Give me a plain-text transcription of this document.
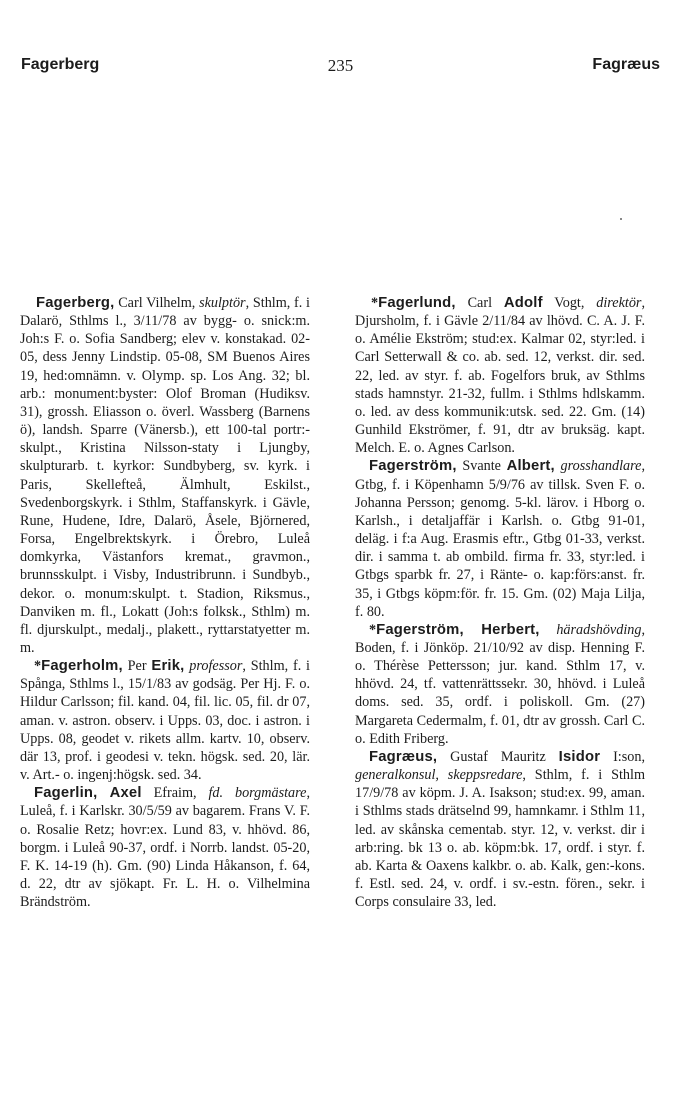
Fagerberg	235	Fagræus

Fagerberg, Carl Vilhelm, skulptör, Sthlm, f. i Dalarö, Sthlms l., 3/11/78 av bygg- o. snick:m. Joh:s F. o. Sofia Sandberg; elev v. konstakad. 02-05, dess Jenny Lindstip. 05-08, SM Buenos Aires 19, hed:omnämn. v. Olymp. sp. Los Ang. 32; bl. arb.: monument:byster: Olof Broman (Hudiksv. 31), grossh. Eliasson o. överl. Wassberg (Barnens ö), landsh. Sparre (Vänersb.), ett 100-tal portr:-skulpt., Kristina Nilsson-staty i Ljungby, skulpturarb. t. kyrkor: Sundbyberg, sv. kyrk. i Paris, Skellefteå, Älmhult, Eskilst., Svedenborgskyrk. i Sthlm, Staffanskyrk. i Gävle, Rune, Hudene, Idre, Dalarö, Åsele, Björnered, Forsa, Engelbrektskyrk. i Örebro, Luleå domkyrka, Västanfors kremat., gravmon., brunnsskulpt. i Visby, Industribrunn. i Sundbyb., dekor. o. monum:skulpt. t. Stadion, Riksmus., Danviken m. fl., Lokatt (Joh:s folksk., Sthlm) m. fl. djurskulpt., medalj., plakett., ryttarstatyetter m. m.

*Fagerholm, Per Erik, professor, Sthlm, f. i Spånga, Sthlms l., 15/1/83 av godsäg. Per Hj. F. o. Hildur Carlsson; fil. kand. 04, fil. lic. 05, fil. dr 07, aman. v. astron. observ. i Upps. 03, doc. i astron. i Upps. 08, geodet v. rikets allm. kartv. 10, observ. där 13, prof. i geodesi v. tekn. högsk. sed. 20, lär. v. Art.- o. ingenj:högsk. sed. 34.

Fagerlin, Axel Efraim, fd. borgmästare, Luleå, f. i Karlskr. 30/5/59 av bagarem. Frans V. F. o. Rosalie Retz; hovr:ex. Lund 83, v. hhövd. 86, borgm. i Luleå 90-37, ordf. i Norrb. landst. 05-20, F. K. 14-19 (h). Gm. (90) Linda Håkanson, f. 64, d. 22, dtr av sjökapt. Fr. L. H. o. Vilhelmina Brändström.

*Fagerlund, Carl Adolf Vogt, direktör, Djursholm, f. i Gävle 2/11/84 av lhövd. C. A. J. F. o. Amélie Ekström; stud:ex. Kalmar 02, styr:led. i Carl Setterwall & co. ab. sed. 12, verkst. dir. sed. 22, led. av styr. f. ab. Fogelfors bruk, av Sthlms stads hamnstyr. 21-32, fullm. i Sthlms hdlskamm. o. led. av dess kommunik:utsk. sed. 22. Gm. (14) Gunhild Ekströmer, f. 91, dtr av bruksäg. kapt. Melch. E. o. Agnes Carlson.

Fagerström, Svante Albert, grosshandlare, Gtbg, f. i Köpenhamn 5/9/76 av tillsk. Sven F. o. Johanna Persson; genomg. 5-kl. lärov. i Hborg o. Karlsh., i detaljaffär i Karlsh. o. Gtbg 91-01, deläg. i f:a Aug. Erasmis eftr., Gtbg 01-33, verkst. dir. i samma t. ab ombild. firma fr. 33, styr:led. i Gtbgs sparbk fr. 27, i Ränte- o. kap:förs:anst. fr. 35, i Gtbgs köpm:för. fr. 15. Gm. (02) Maja Lilja, f. 80.

*Fagerström, Herbert, häradshövding, Boden, f. i Jönköp. 21/10/92 av disp. Henning F. o. Thérèse Pettersson; jur. kand. Sthlm 17, v. hhövd. 24, tf. vattenrättssekr. 30, hhövd. i Luleå doms. sed. 35, ordf. i poliskoll. Gm. (27) Margareta Cedermalm, f. 01, dtr av grossh. Carl C. o. Edith Friberg.

Fagræus, Gustaf Mauritz Isidor I:son, generalkonsul, skeppsredare, Sthlm, f. i Sthlm 17/9/78 av köpm. J. A. Isakson; stud:ex. 99, aman. i Sthlms stads drätselnd 99, hamnkamr. i Sthlm 11, led. av skånska cementab. styr. 12, v. verkst. dir i arb:ring. bk 13 o. ab. köpm:bk. 17, ordf. i styr. f. ab. Karta & Oaxens kalkbr. o. ab. Kalk, gen:-kons. f. Estl. sed. 24, v. ordf. i sv.-estn. fören., sekr. i Corps consulaire 33, led.
